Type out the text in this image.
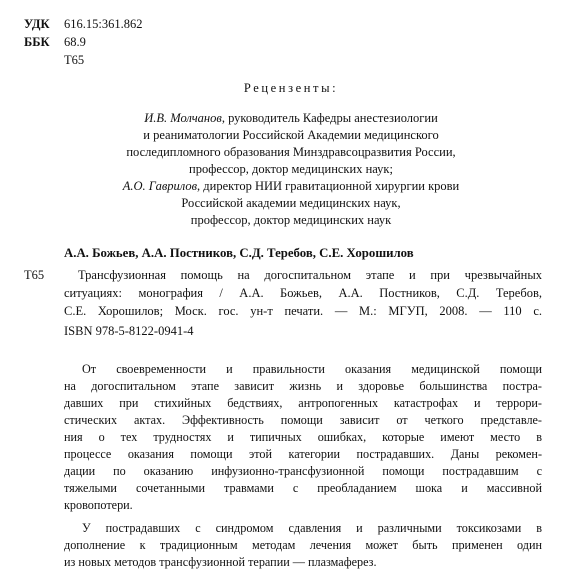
УДК 616.15:361.862
ББК 68.9
Т65
Рецензенты:
И.В. Молчанов, руководитель Кафедры анестезиологии
и реаниматологии Российской Академии медицинского
последипломного образования Минздравсоцразвития России,
профессор, доктор медицинских наук;
А.О. Гаврилов, директор НИИ гравитационной хирургии крови
Российской академии медицинских наук,
профессор, доктор медицинских наук
А.А. Божьев, А.А. Постников, С.Д. Теребов, С.Е. Хорошилов
Т65	Трансфузионная помощь на догоспитальном этапе и при чрезвычайных
ситуациях: монография / А.А. Божьев, А.А. Постников, С.Д. Теребов,
С.Е. Хорошилов; Моск. гос. ун-т печати. — М.: МГУП, 2008. — 110 с.
ISBN 978-5-8122-0941-4
От своевременности и правильности оказания медицинской помощи
на догоспитальном этапе зависит жизнь и здоровье большинства постра-
давших при стихийных бедствиях, антропогенных катастрофах и террори-
стических актах. Эффективность помощи зависит от четкого представле-
ния о тех трудностях и типичных ошибках, которые имеют место в
процессе оказания помощи этой категории пострадавших. Даны рекомен-
дации по оказанию инфузионно-трансфузионной помощи пострадавшим с
тяжелыми сочетанными травмами с преобладанием шока и массивной
кровопотери.
У пострадавших с синдромом сдавления и различными токсикозами в
дополнение к традиционным методам лечения может быть применен один
из новых методов трансфузионной терапии — плазмаферез.
